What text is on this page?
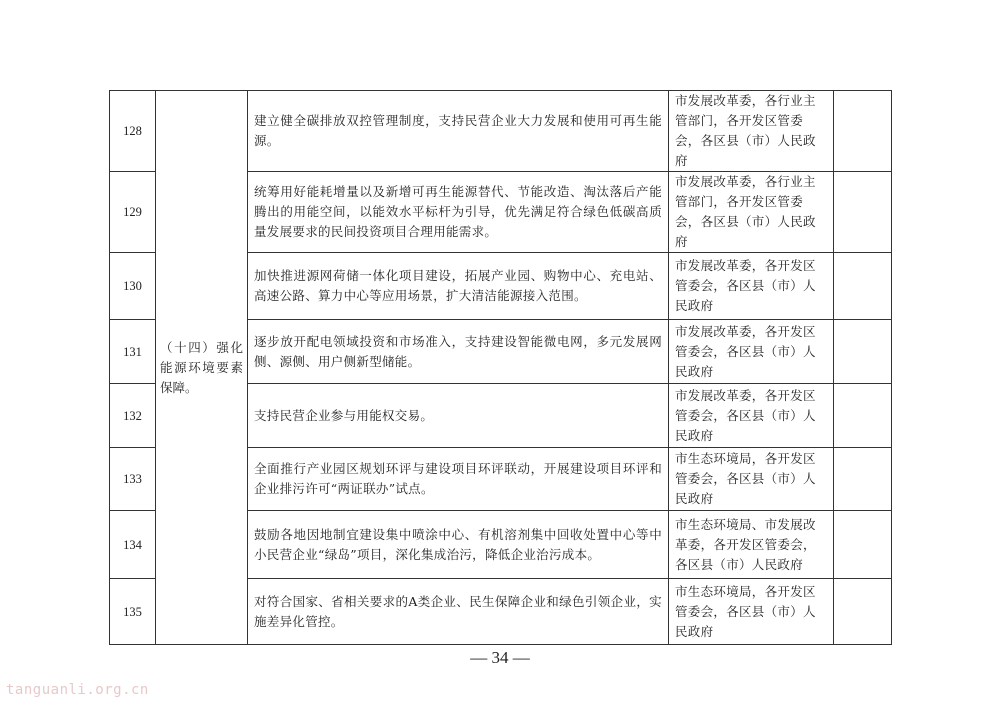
128	（十四）强化能源环境要素保障。	建立健全碳排放双控管理制度，支持民营企业大力发展和使用可再生能源。	市发展改革委，各行业主管部门，各开发区管委会，各区县（市）人民政府	
129		统筹用好能耗增量以及新增可再生能源替代、节能改造、淘汰落后产能腾出的用能空间，以能效水平标杆为引导，优先满足符合绿色低碳高质量发展要求的民间投资项目合理用能需求。	市发展改革委，各行业主管部门，各开发区管委会，各区县（市）人民政府	
130		加快推进源网荷储一体化项目建设，拓展产业园、购物中心、充电站、高速公路、算力中心等应用场景，扩大清洁能源接入范围。	市发展改革委，各开发区管委会，各区县（市）人民政府	
131		逐步放开配电领域投资和市场准入，支持建设智能微电网，多元发展网侧、源侧、用户侧新型储能。	市发展改革委，各开发区管委会，各区县（市）人民政府	
132		支持民营企业参与用能权交易。	市发展改革委，各开发区管委会，各区县（市）人民政府	
133		全面推行产业园区规划环评与建设项目环评联动，开展建设项目环评和企业排污许可“两证联办”试点。	市生态环境局，各开发区管委会，各区县（市）人民政府	
134		鼓励各地因地制宜建设集中喷涂中心、有机溶剂集中回收处置中心等中小民营企业“绿岛”项目，深化集成治污，降低企业治污成本。	市生态环境局、市发展改革委，各开发区管委会，各区县（市）人民政府	
135		对符合国家、省相关要求的A类企业、民生保障企业和绿色引领企业，实施差异化管控。	市生态环境局，各开发区管委会，各区县（市）人民政府	
— 34 —
tanguanli.org.cn
